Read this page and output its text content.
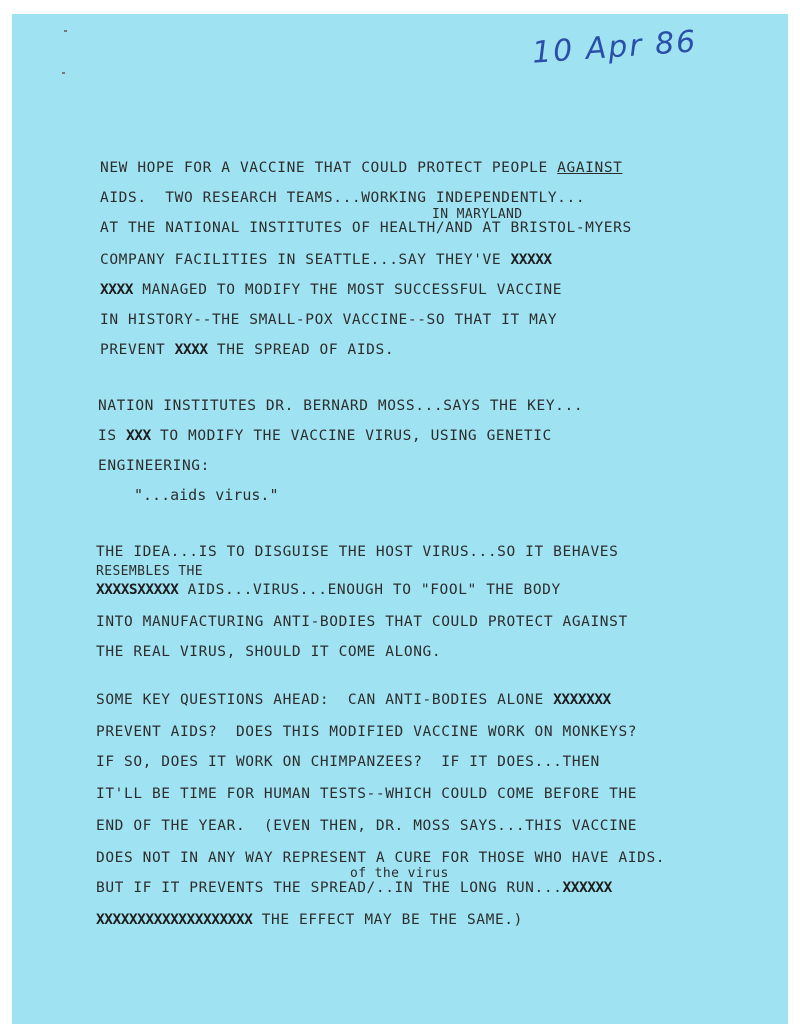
10 Apr 86
NEW HOPE FOR A VACCINE THAT COULD PROTECT PEOPLE AGAINST
AIDS.  TWO RESEARCH TEAMS...WORKING INDEPENDENTLY...
IN MARYLAND
AT THE NATIONAL INSTITUTES OF HEALTH/AND AT BRISTOL-MYERS
COMPANY FACILITIES IN SEATTLE...SAY THEY'VE XXXXX
XXXX MANAGED TO MODIFY THE MOST SUCCESSFUL VACCINE
IN HISTORY--THE SMALL-POX VACCINE--SO THAT IT MAY
PREVENT XXXX THE SPREAD OF AIDS.
NATION INSTITUTES DR. BERNARD MOSS...SAYS THE KEY...
IS XXX TO MODIFY THE VACCINE VIRUS, USING GENETIC
ENGINEERING:
"...aids virus."
THE IDEA...IS TO DISGUISE THE HOST VIRUS...SO IT BEHAVES
RESEMBLES THE
XXXXSXXXXX AIDS...VIRUS...ENOUGH TO "FOOL" THE BODY
INTO MANUFACTURING ANTI-BODIES THAT COULD PROTECT AGAINST
THE REAL VIRUS, SHOULD IT COME ALONG.
SOME KEY QUESTIONS AHEAD:  CAN ANTI-BODIES ALONE XXXXXXX
PREVENT AIDS?  DOES THIS MODIFIED VACCINE WORK ON MONKEYS?
IF SO, DOES IT WORK ON CHIMPANZEES?  IF IT DOES...THEN
IT'LL BE TIME FOR HUMAN TESTS--WHICH COULD COME BEFORE THE
END OF THE YEAR.  (EVEN THEN, DR. MOSS SAYS...THIS VACCINE
DOES NOT IN ANY WAY REPRESENT A CURE FOR THOSE WHO HAVE AIDS.
of the virus
BUT IF IT PREVENTS THE SPREAD/..IN THE LONG RUN...XXXXXX
XXXXXXXXXXXXXXXXXXX THE EFFECT MAY BE THE SAME.)
